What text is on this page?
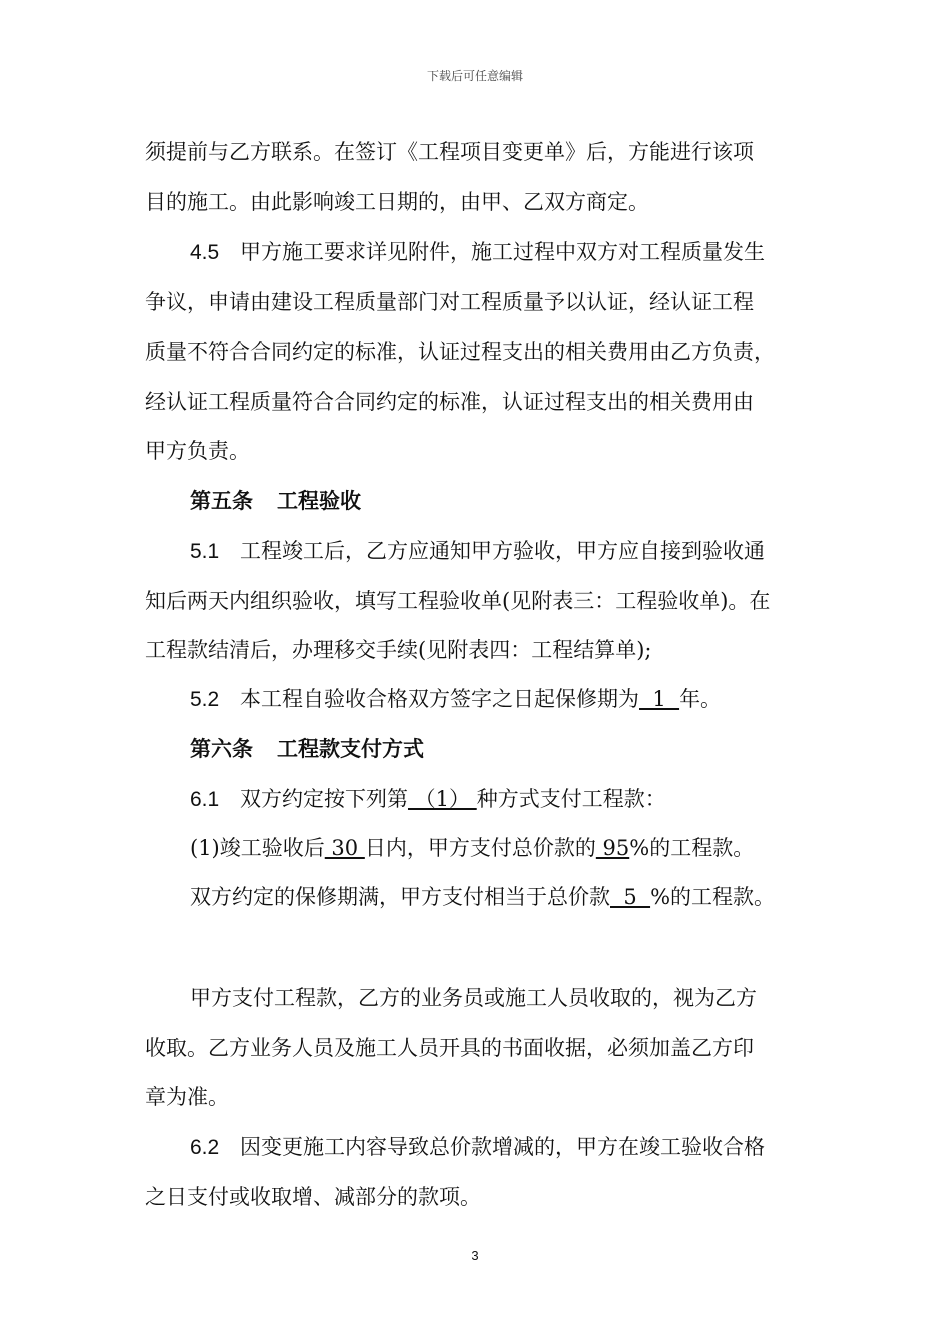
下载后可任意编辑
须提前与乙方联系。在签订《工程项目变更单》后，方能进行该项
目的施工。由此影响竣工日期的，由甲、乙双方商定。
4.5 甲方施工要求详见附件，施工过程中双方对工程质量发生
争议，申请由建设工程质量部门对工程质量予以认证，经认证工程
质量不符合合同约定的标准，认证过程支出的相关费用由乙方负责，
经认证工程质量符合合同约定的标准，认证过程支出的相关费用由
甲方负责。
第五条 工程验收
5.1 工程竣工后，乙方应通知甲方验收，甲方应自接到验收通
知后两天内组织验收，填写工程验收单(见附表三：工程验收单)。在
工程款结清后，办理移交手续(见附表四：工程结算单);
5.2 本工程自验收合格双方签字之日起保修期为  1  年。
第六条 工程款支付方式
6.1 双方约定按下列第 （1） 种方式支付工程款：
(1)竣工验收后 30 日内，甲方支付总价款的 95%的工程款。
双方约定的保修期满，甲方支付相当于总价款  5  %的工程款。
甲方支付工程款，乙方的业务员或施工人员收取的，视为乙方
收取。乙方业务人员及施工人员开具的书面收据，必须加盖乙方印
章为准。
6.2 因变更施工内容导致总价款增减的，甲方在竣工验收合格
之日支付或收取增、减部分的款项。
3
